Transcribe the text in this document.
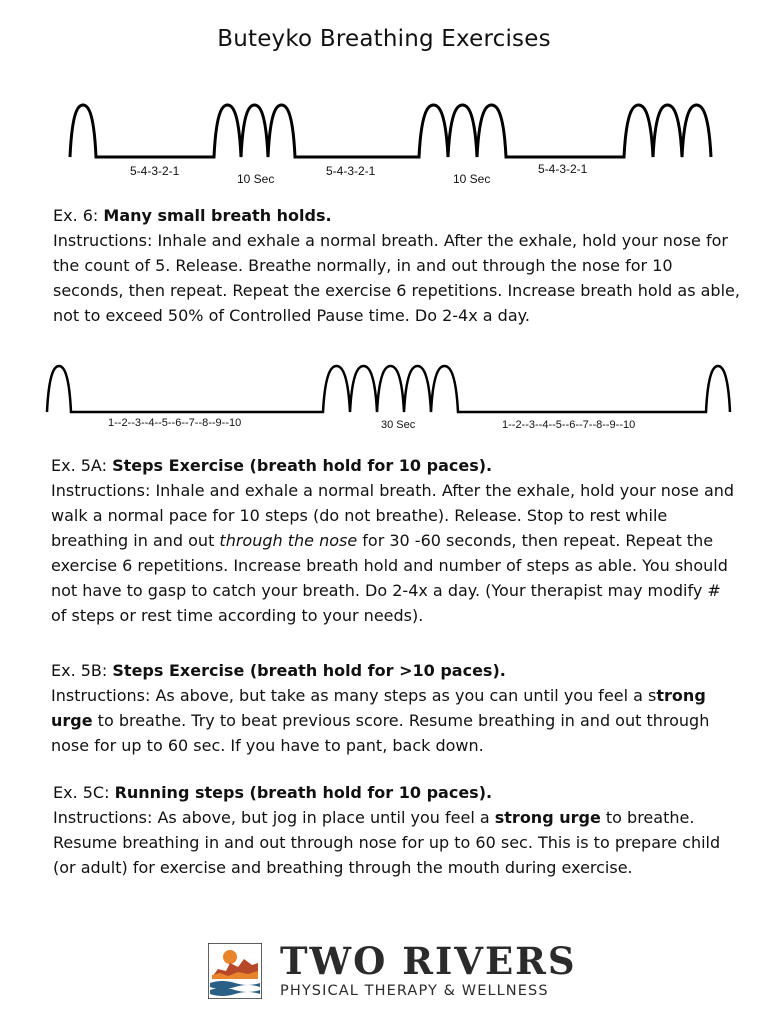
Buteyko Breathing Exercises
5-4-3-2-1
10 Sec
5-4-3-2-1
10 Sec
5-4-3-2-1

Ex. 6: Many small breath holds.

Instructions: Inhale and exhale a normal breath. After the exhale, hold your nose for the count of 5. Release. Breathe normally, in and out through the nose for 10 seconds, then repeat. Repeat the exercise 6 repetitions. Increase breath hold as able, not to exceed 50% of Controlled Pause time. Do 2-4x a day.

1--2--3--4--5--6--7--8--9--10	30 Sec	1--2--3--4--5--6--7--8--9--10

Ex. 5A: Steps Exercise (breath hold for 10 paces).

Instructions: Inhale and exhale a normal breath. After the exhale, hold your nose and walk a normal pace for 10 steps (do not breathe). Release. Stop to rest while breathing in and out through the nose for 30 -60 seconds, then repeat. Repeat the exercise 6 repetitions. Increase breath hold and number of steps as able. You should not have to gasp to catch your breath. Do 2-4x a day. (Your therapist may modify # of steps or rest time according to your needs).

Ex. 5B: Steps Exercise (breath hold for >10 paces).

Instructions: As above, but take as many steps as you can until you feel a strong urge to breathe. Try to beat previous score. Resume breathing in and out through nose for up to 60 sec. If you have to pant, back down.

Ex. 5C: Running steps (breath hold for 10 paces).

Instructions: As above, but jog in place until you feel a strong urge to breathe. Resume breathing in and out through nose for up to 60 sec. This is to prepare child (or adult) for exercise and breathing through the mouth during exercise.

TWO RIVERS
PHYSICAL THERAPY & WELLNESS
